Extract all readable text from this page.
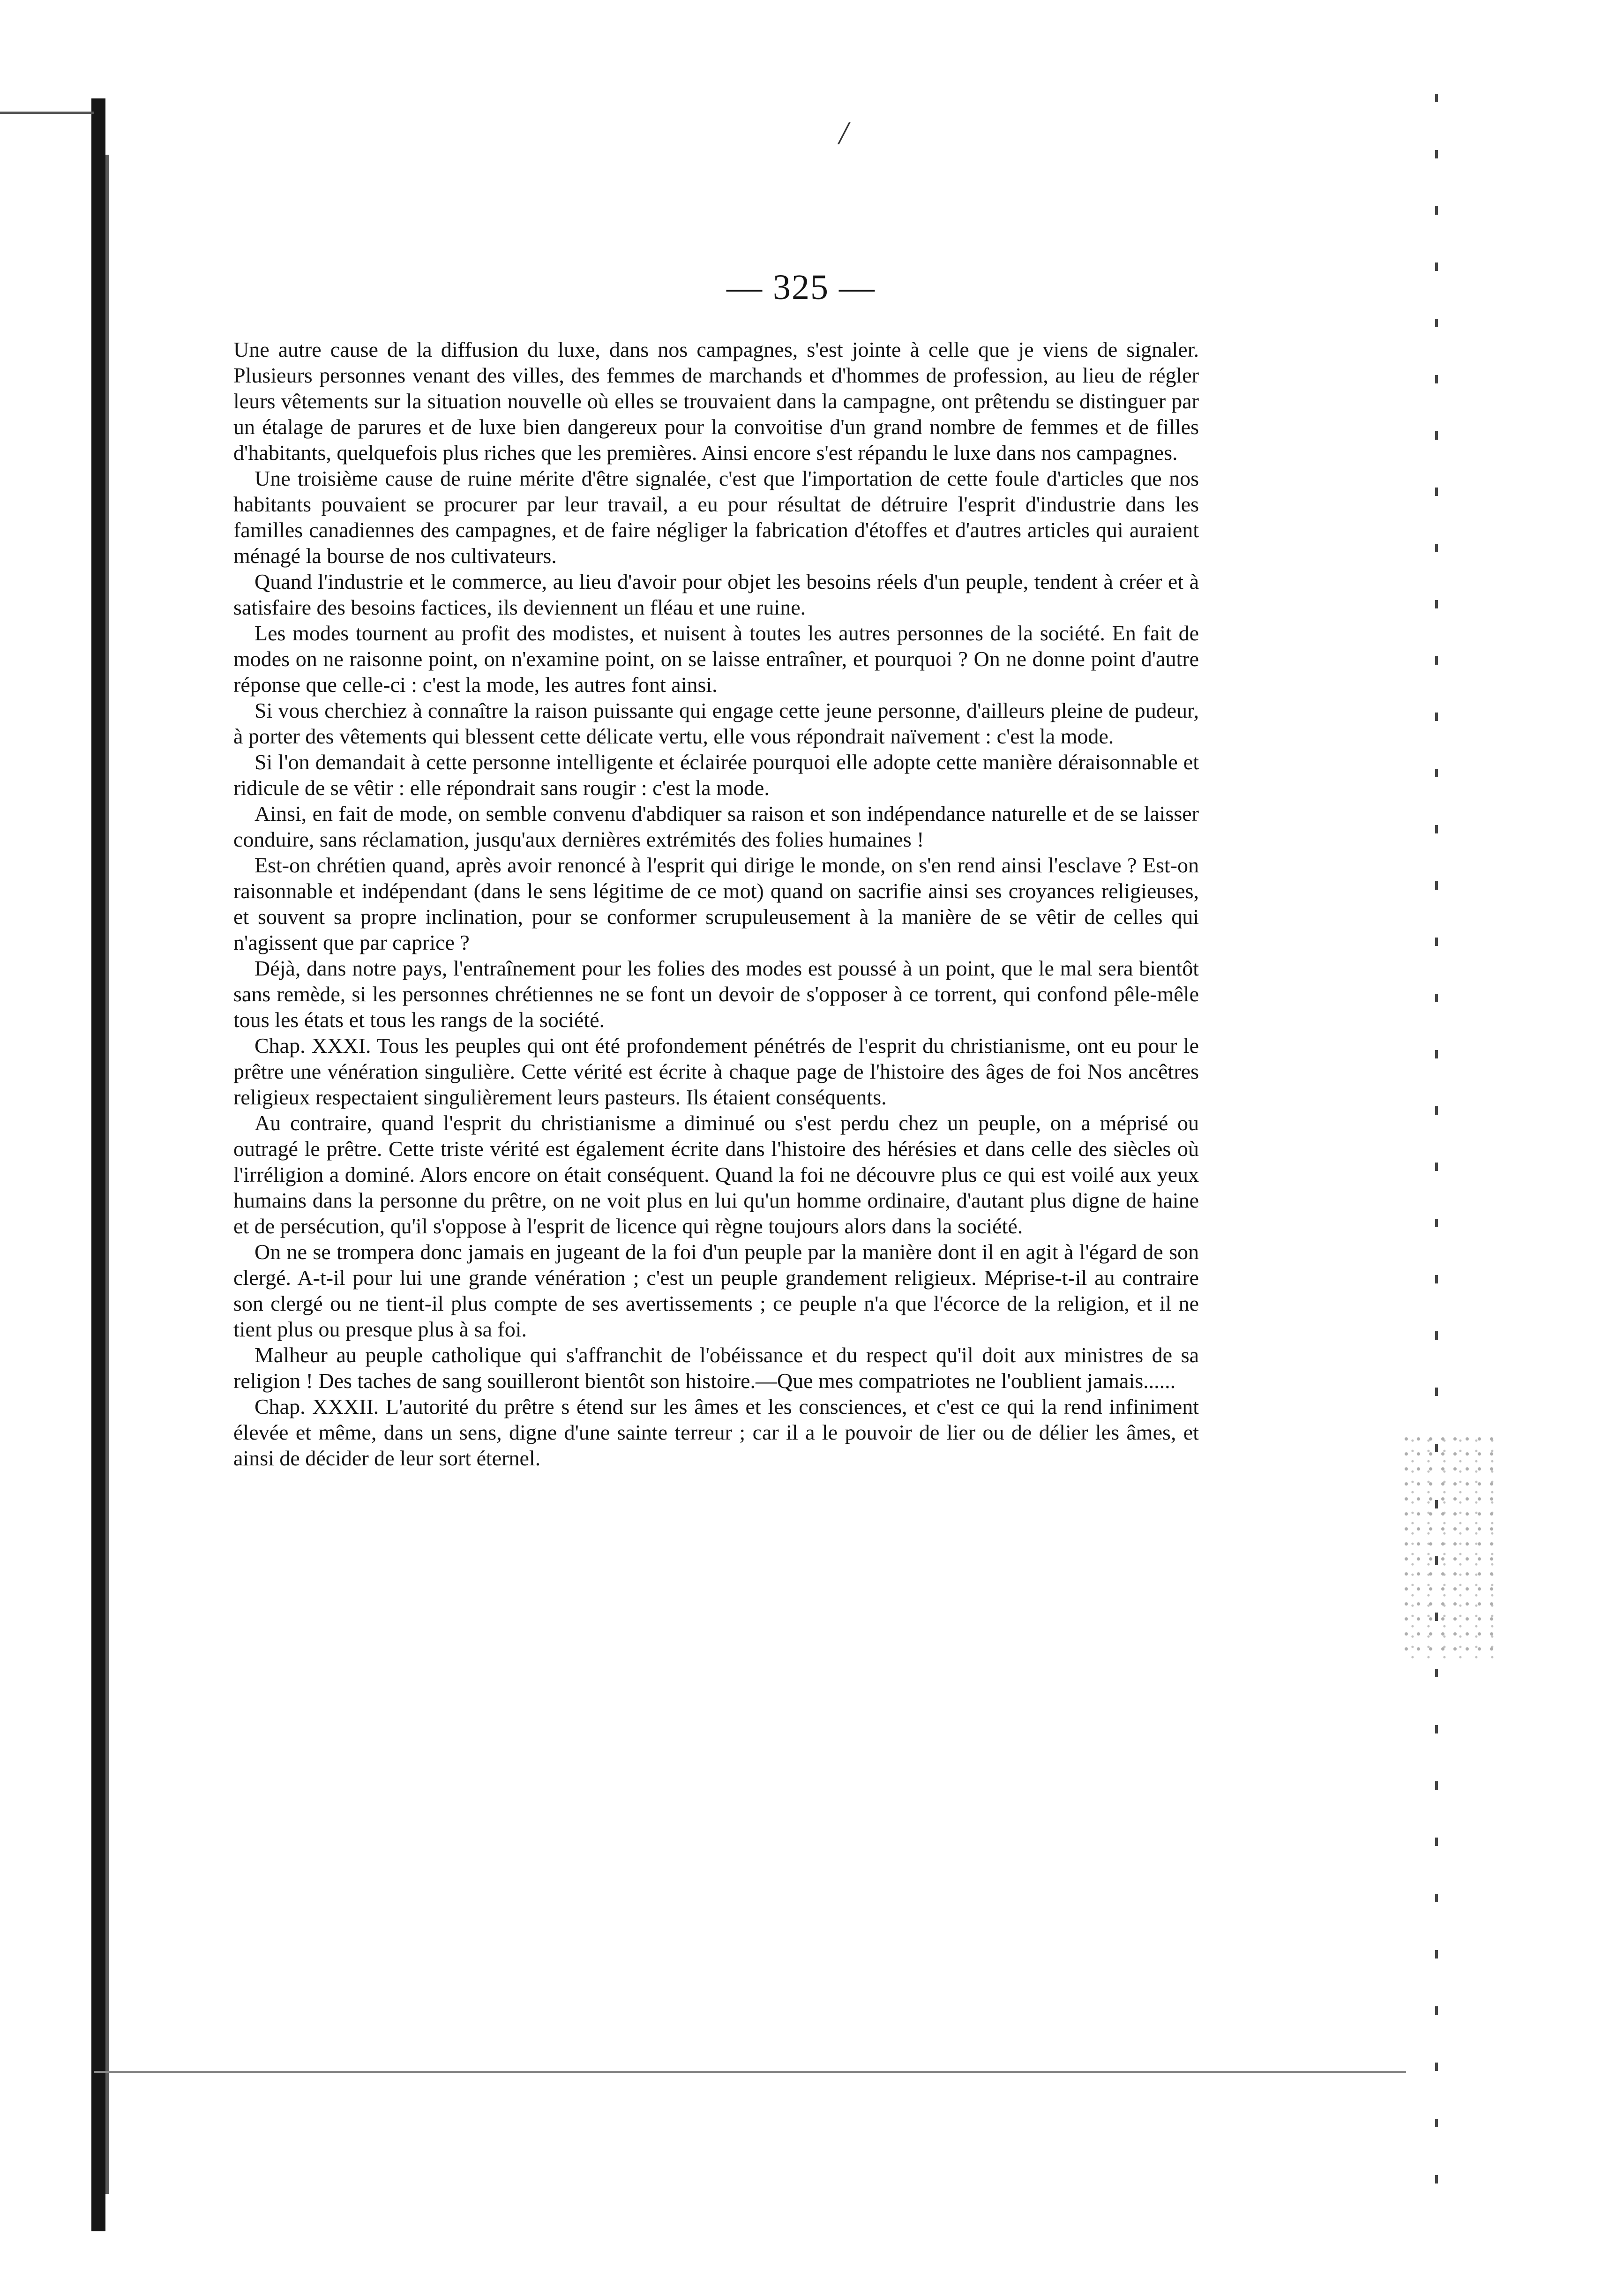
/
— 325 —

Une autre cause de la diffusion du luxe, dans nos campagnes, s'est jointe à celle que je viens de signaler. Plusieurs personnes venant des villes, des femmes de marchands et d'hommes de profession, au lieu de régler leurs vêtements sur la situation nouvelle où elles se trouvaient dans la campagne, ont prêtendu se distinguer par un étalage de parures et de luxe bien dangereux pour la convoitise d'un grand nombre de femmes et de filles d'habitants, quelquefois plus riches que les premières. Ainsi encore s'est répandu le luxe dans nos campagnes.

Une troisième cause de ruine mérite d'être signalée, c'est que l'importation de cette foule d'articles que nos habitants pouvaient se procurer par leur travail, a eu pour résultat de détruire l'esprit d'industrie dans les familles canadiennes des campagnes, et de faire négliger la fabrication d'étoffes et d'autres articles qui auraient ménagé la bourse de nos cultivateurs.

Quand l'industrie et le commerce, au lieu d'avoir pour objet les besoins réels d'un peuple, tendent à créer et à satisfaire des besoins factices, ils deviennent un fléau et une ruine.

Les modes tournent au profit des modistes, et nuisent à toutes les autres personnes de la société. En fait de modes on ne raisonne point, on n'examine point, on se laisse entraîner, et pourquoi ? On ne donne point d'autre réponse que celle-ci : c'est la mode, les autres font ainsi.

Si vous cherchiez à connaître la raison puissante qui engage cette jeune personne, d'ailleurs pleine de pudeur, à porter des vêtements qui blessent cette délicate vertu, elle vous répondrait naïvement : c'est la mode.

Si l'on demandait à cette personne intelligente et éclairée pourquoi elle adopte cette manière déraisonnable et ridicule de se vêtir : elle répondrait sans rougir : c'est la mode.

Ainsi, en fait de mode, on semble convenu d'abdiquer sa raison et son indépendance naturelle et de se laisser conduire, sans réclamation, jusqu'aux dernières extrémités des folies humaines !

Est-on chrétien quand, après avoir renoncé à l'esprit qui dirige le monde, on s'en rend ainsi l'esclave ? Est-on raisonnable et indépendant (dans le sens légitime de ce mot) quand on sacrifie ainsi ses croyances religieuses, et souvent sa propre inclination, pour se conformer scrupuleusement à la manière de se vêtir de celles qui n'agissent que par caprice ?

Déjà, dans notre pays, l'entraînement pour les folies des modes est poussé à un point, que le mal sera bientôt sans remède, si les personnes chrétiennes ne se font un devoir de s'opposer à ce torrent, qui confond pêle-mêle tous les états et tous les rangs de la société.

Chap. XXXI. Tous les peuples qui ont été profondement pénétrés de l'esprit du christianisme, ont eu pour le prêtre une vénération singulière. Cette vérité est écrite à chaque page de l'histoire des âges de foi Nos ancêtres religieux respectaient singulièrement leurs pasteurs. Ils étaient conséquents.

Au contraire, quand l'esprit du christianisme a diminué ou s'est perdu chez un peuple, on a méprisé ou outragé le prêtre. Cette triste vérité est également écrite dans l'histoire des hérésies et dans celle des siècles où l'irréligion a dominé. Alors encore on était conséquent. Quand la foi ne découvre plus ce qui est voilé aux yeux humains dans la personne du prêtre, on ne voit plus en lui qu'un homme ordinaire, d'autant plus digne de haine et de persécution, qu'il s'oppose à l'esprit de licence qui règne toujours alors dans la société.

On ne se trompera donc jamais en jugeant de la foi d'un peuple par la manière dont il en agit à l'égard de son clergé. A-t-il pour lui une grande vénération ; c'est un peuple grandement religieux. Méprise-t-il au contraire son clergé ou ne tient-il plus compte de ses avertissements ; ce peuple n'a que l'écorce de la religion, et il ne tient plus ou presque plus à sa foi.

Malheur au peuple catholique qui s'affranchit de l'obéissance et du respect qu'il doit aux ministres de sa religion ! Des taches de sang souilleront bientôt son histoire.—Que mes compatriotes ne l'oublient jamais......

Chap. XXXII. L'autorité du prêtre s étend sur les âmes et les consciences, et c'est ce qui la rend infiniment élevée et même, dans un sens, digne d'une sainte terreur ; car il a le pouvoir de lier ou de délier les âmes, et ainsi de décider de leur sort éternel.
